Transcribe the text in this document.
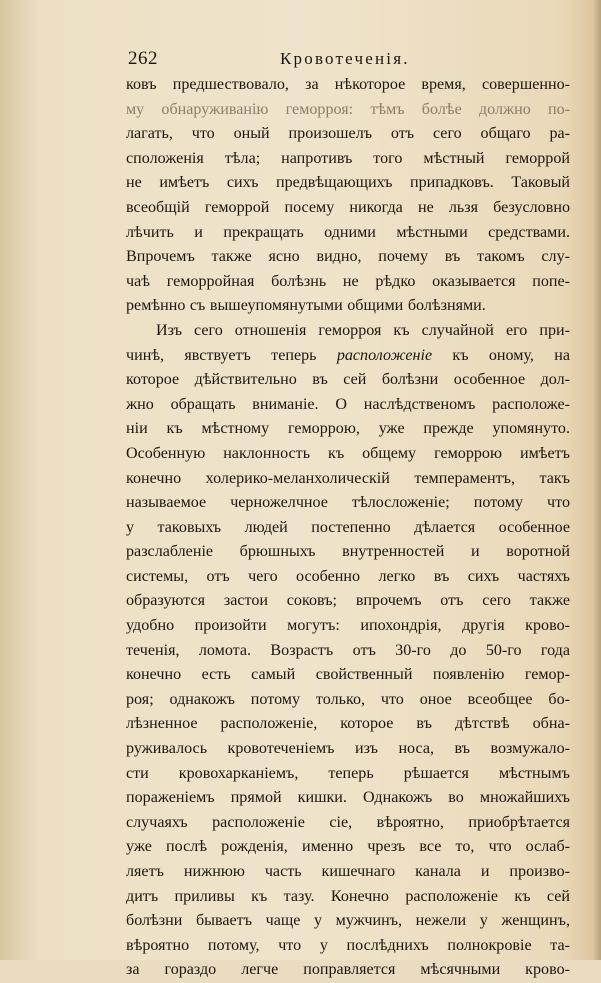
262	Кровотеченія.
ковъ предшествовало, за нѣкоторое время, совершенно-
му обнаруживанію геморроя: тѣмъ болѣе должно по-
лагать, что оный произошелъ отъ сего общаго ра-
сположенія тѣла; напротивъ того мѣстный геморрой
не имѣетъ сихъ предвѣщающихъ припадковъ. Таковый
всеобщій геморрой посему никогда не льзя безусловно
лѣчить и прекращать одними мѣстными средствами.
Впрочемъ также ясно видно, почему въ такомъ слу-
чаѣ геморройная болѣзнь не рѣдко оказывается попе-
ремѣнно съ вышеупомянутыми общими болѣзнями.
Изъ сего отношенія геморроя къ случайной его при-
чинѣ, явствуетъ теперь расположеніе къ оному, на
которое дѣйствительно въ сей болѣзни особенное дол-
жно обращать вниманіе. О наслѣдственомъ расположе-
ніи къ мѣстному геморрою, уже прежде упомянуто.
Особенную наклонность къ общему геморрою имѣетъ
конечно холерико-меланхолическій темпераментъ, такъ
называемое черножелчное тѣлосложеніе; потому что
у таковыхъ людей постепенно дѣлается особенное
разслабленіе брюшныхъ внутренностей и воротной
системы, отъ чего особенно легко въ сихъ частяхъ
образуются застои соковъ; впрочемъ отъ сего также
удобно произойти могутъ: ипохондрія, другія крово-
теченія, ломота. Возрастъ отъ 30-го до 50-го года
конечно есть самый свойственный появленію гемор-
роя; однакожъ потому только, что оное всеобщее бо-
лѣзненное расположеніе, которое въ дѣтствѣ обна-
руживалось кровотеченіемъ изъ носа, въ возмужало-
сти кровохарканіемъ, теперь рѣшается мѣстнымъ
пораженіемъ прямой кишки. Однакожъ во множайшихъ
случаяхъ расположеніе сіе, вѣроятно, приобрѣтается
уже послѣ рожденія, именно чрезъ все то, что ослаб-
ляетъ нижнюю часть кишечнаго канала и произво-
дитъ приливы къ тазу. Конечно расположеніе къ сей
болѣзни бываетъ чаще у мужчинъ, нежели у женщинъ,
вѣроятно потому, что у послѣднихъ полнокровіе та-
за гораздо легче поправляется мѣсячными крово-
